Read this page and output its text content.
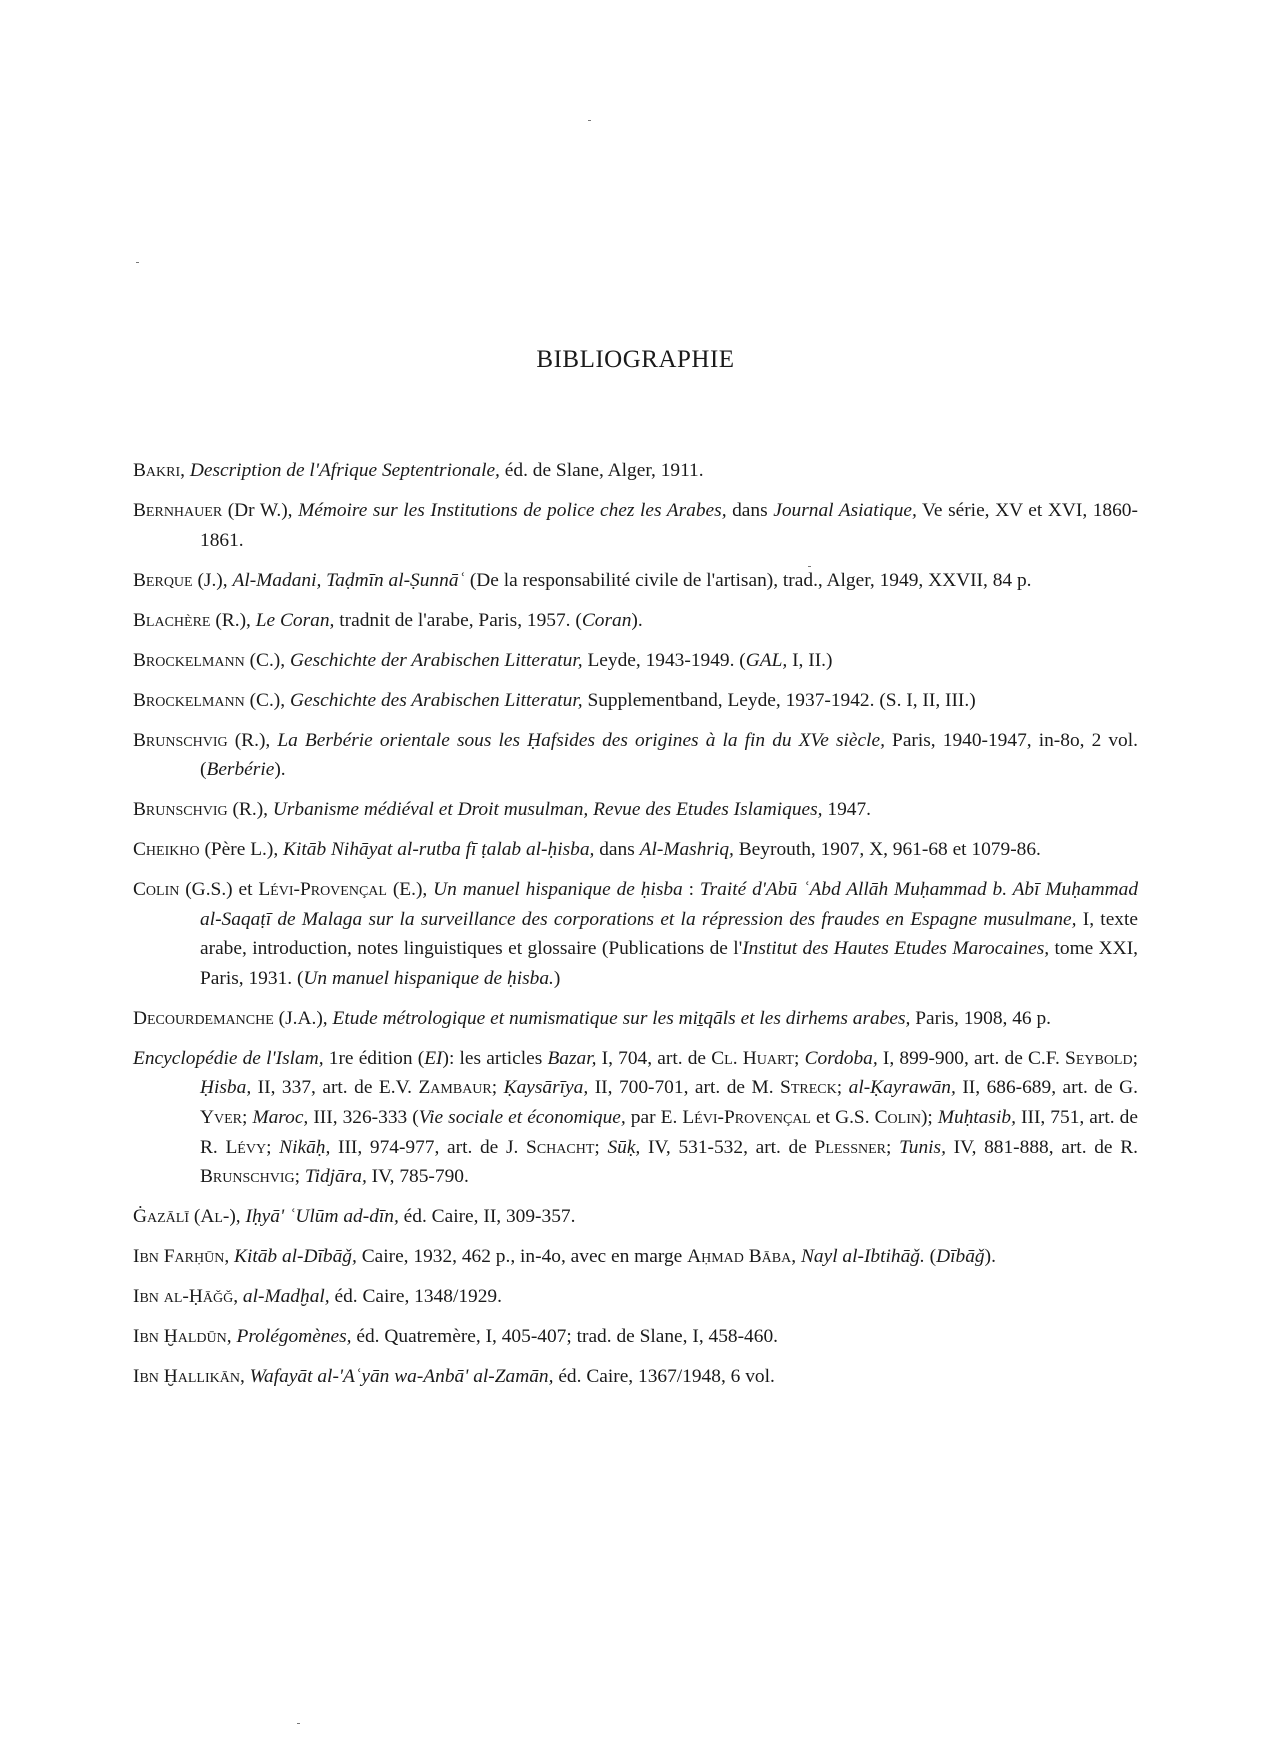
BIBLIOGRAPHIE
Bakri, Description de l'Afrique Septentrionale, éd. de Slane, Alger, 1911.
Bernhauer (Dr W.), Mémoire sur les Institutions de police chez les Arabes, dans Journal Asiatique, Ve série, XV et XVI, 1860-1861.
Berque (J.), Al-Madani, Taḍmīn al-Ṣunnāʿ (De la responsabilité civile de l'artisan), trad., Alger, 1949, XXVII, 84 p.
Blachère (R.), Le Coran, tradnit de l'arabe, Paris, 1957. (Coran).
Brockelmann (C.), Geschichte der Arabischen Litteratur, Leyde, 1943-1949. (GAL, I, II.)
Brockelmann (C.), Geschichte des Arabischen Litteratur, Supplementband, Leyde, 1937-1942. (S. I, II, III.)
Brunschvig (R.), La Berbérie orientale sous les Ḥafsides des origines à la fin du XVe siècle, Paris, 1940-1947, in-8o, 2 vol. (Berbérie).
Brunschvig (R.), Urbanisme médiéval et Droit musulman, Revue des Etudes Islamiques, 1947.
Cheikho (Père L.), Kitāb Nihāyat al-rutba fī ṭalab al-ḥisba, dans Al-Mashriq, Beyrouth, 1907, X, 961-68 et 1079-86.
Colin (G.S.) et Lévi-Provençal (E.), Un manuel hispanique de ḥisba : Traité d'Abū ʿAbd Allāh Muḥammad b. Abī Muḥammad al-Saqaṭī de Malaga sur la surveillance des corporations et la répression des fraudes en Espagne musulmane, I, texte arabe, introduction, notes linguistiques et glossaire (Publications de l'Institut des Hautes Etudes Marocaines, tome XXI, Paris, 1931. (Un manuel hispanique de ḥisba.)
Decourdemanche (J.A.), Etude métrologique et numismatique sur les miṯqāls et les dirhems arabes, Paris, 1908, 46 p.
Encyclopédie de l'Islam, 1re édition (EI): les articles Bazar, I, 704, art. de Cl. Huart; Cordoba, I, 899-900, art. de C.F. Seybold; Ḥisba, II, 337, art. de E.V. Zambaur; Ḳaysārīya, II, 700-701, art. de M. Streck; al-Ḳayrawān, II, 686-689, art. de G. Yver; Maroc, III, 326-333 (Vie sociale et économique, par E. Lévi-Provençal et G.S. Colin); Muḥtasib, III, 751, art. de R. Lévy; Nikāḥ, III, 974-977, art. de J. Schacht; Sūḳ, IV, 531-532, art. de Plessner; Tunis, IV, 881-888, art. de R. Brunschvig; Tidjāra, IV, 785-790.
Ġazālī (Al-), Iḥyā' ʿUlūm ad-dīn, éd. Caire, II, 309-357.
Ibn Farḥūn, Kitāb al-Dībāǧ, Caire, 1932, 462 p., in-4o, avec en marge Aḥmad Bāba, Nayl al-Ibtihāǧ. (Dībāǧ).
Ibn al-Ḥāǧǧ, al-Madḫal, éd. Caire, 1348/1929.
Ibn Ḫaldūn, Prolégomènes, éd. Quatremère, I, 405-407; trad. de Slane, I, 458-460.
Ibn Ḫallikān, Wafayāt al-'Aʿyān wa-Anbā' al-Zamān, éd. Caire, 1367/1948, 6 vol.
